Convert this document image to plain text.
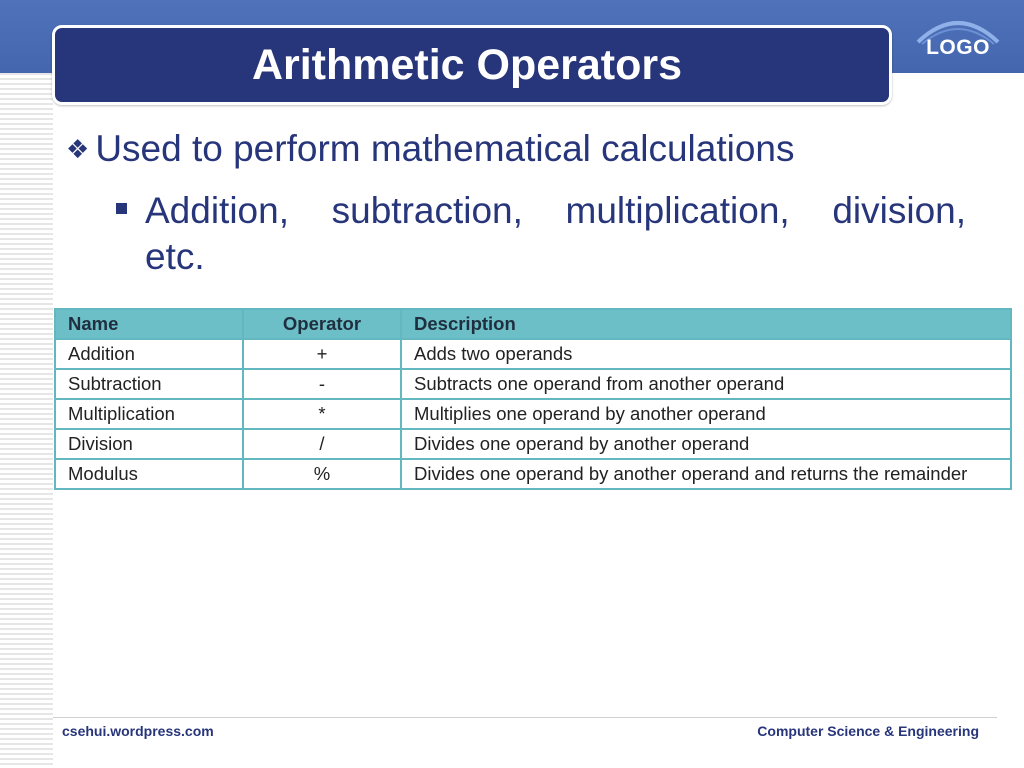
Arithmetic Operators	LOGO
❖ Used to perform mathematical calculations
Addition, subtraction, multiplication, division, etc.
Name	Operator	Description
Addition	+	Adds two operands
Subtraction	-	Subtracts one operand from another operand
Multiplication	*	Multiplies one operand by another operand
Division	/	Divides one operand by another operand
Modulus	%	Divides one operand by another operand and returns the remainder
csehui.wordpress.com	Computer Science & Engineering
